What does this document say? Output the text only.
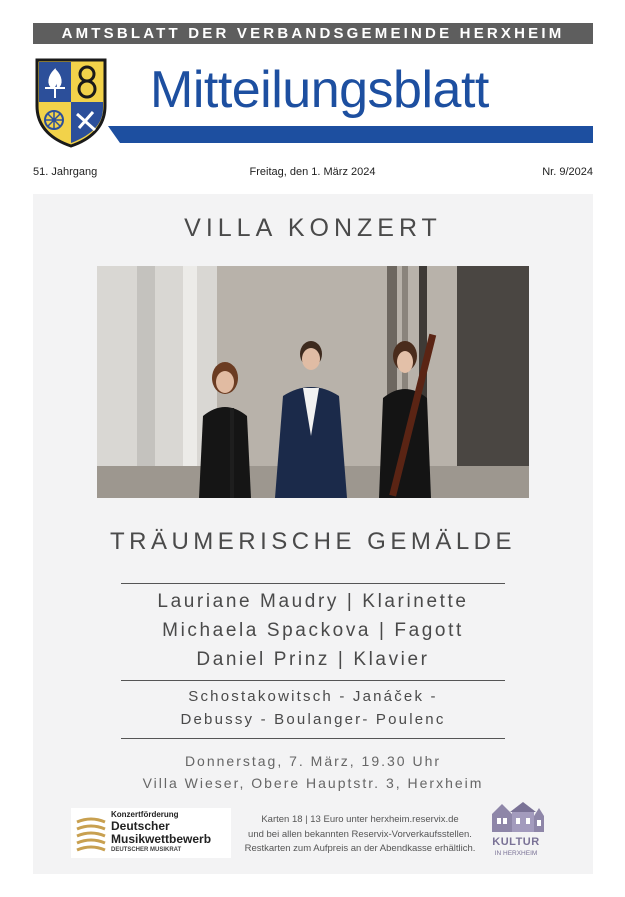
AMTSBLATT DER VERBANDSGEMEINDE HERXHEIM
Mitteilungsblatt
51. Jahrgang	Freitag, den 1. März 2024	Nr. 9/2024
VILLA KONZERT
TRÄUMERISCHE GEMÄLDE
Lauriane Maudry | Klarinette
Michaela Spackova | Fagott
Daniel Prinz | Klavier
Schostakowitsch - Janáček -
Debussy - Boulanger- Poulenc
Donnerstag, 7. März, 19.30 Uhr
Villa Wieser, Obere Hauptstr. 3, Herxheim
Konzertförderung
Deutscher
Musikwettbewerb
DEUTSCHER MUSIKRAT
Karten 18 | 13 Euro unter herxheim.reservix.de
und bei allen bekannten Reservix-Vorverkaufsstellen.
Restkarten zum Aufpreis an der Abendkasse erhältlich.
KULTUR
IN HERXHEIM
